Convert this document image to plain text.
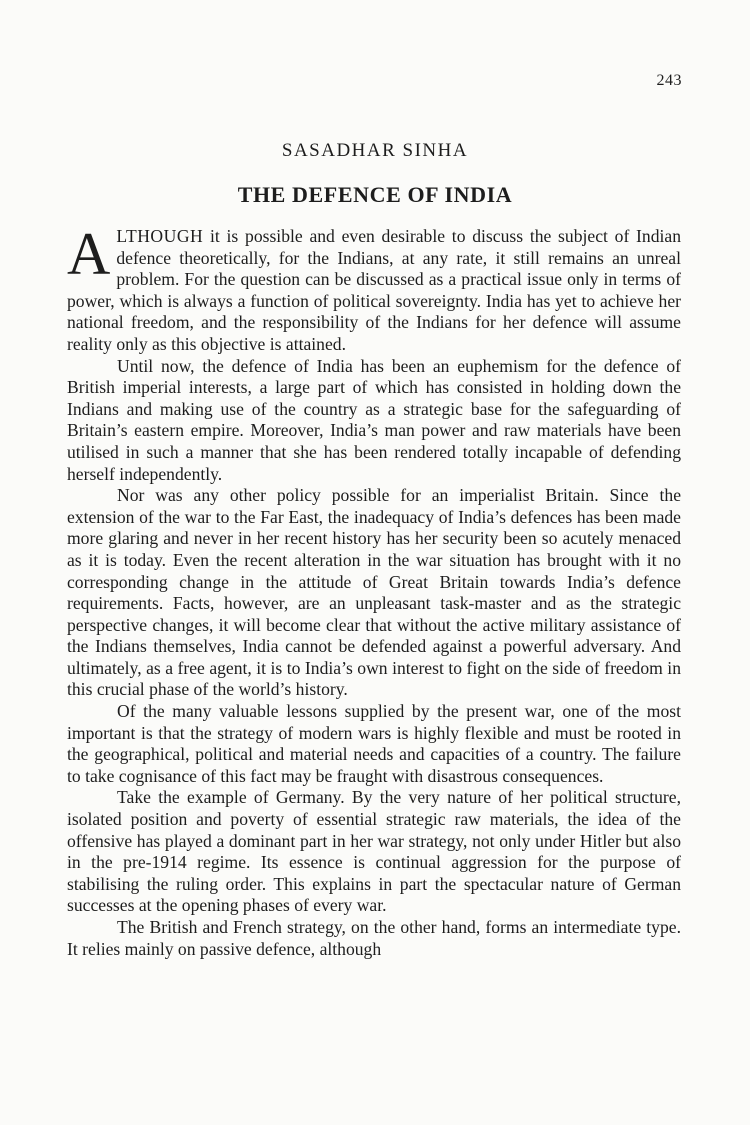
243
SASADHAR SINHA
THE DEFENCE OF INDIA

ALTHOUGH it is possible and even desirable to discuss the subject of Indian defence theoretically, for the Indians, at any rate, it still remains an unreal problem. For the question can be discussed as a practical issue only in terms of power, which is always a function of political sovereignty. India has yet to achieve her national freedom, and the responsibility of the Indians for her defence will assume reality only as this objective is attained.

Until now, the defence of India has been an euphemism for the defence of British imperial interests, a large part of which has consisted in holding down the Indians and making use of the country as a strategic base for the safeguarding of Britain’s eastern empire. Moreover, India’s man power and raw materials have been utilised in such a manner that she has been rendered totally incapable of defending herself independently.

Nor was any other policy possible for an imperialist Britain. Since the extension of the war to the Far East, the inadequacy of India’s defences has been made more glaring and never in her recent history has her security been so acutely menaced as it is today. Even the recent alteration in the war situation has brought with it no corresponding change in the attitude of Great Britain towards India’s defence requirements. Facts, however, are an unpleasant task-master and as the strategic perspective changes, it will become clear that without the active military assistance of the Indians themselves, India cannot be defended against a powerful adversary. And ultimately, as a free agent, it is to India’s own interest to fight on the side of freedom in this crucial phase of the world’s history.

Of the many valuable lessons supplied by the present war, one of the most important is that the strategy of modern wars is highly flexible and must be rooted in the geographical, political and material needs and capacities of a country. The failure to take cognisance of this fact may be fraught with disastrous consequences.

Take the example of Germany. By the very nature of her political structure, isolated position and poverty of essential strategic raw materials, the idea of the offensive has played a dominant part in her war strategy, not only under Hitler but also in the pre-1914 regime. Its essence is continual aggression for the purpose of stabilising the ruling order. This explains in part the spectacular nature of German successes at the opening phases of every war.

The British and French strategy, on the other hand, forms an intermediate type. It relies mainly on passive defence, although
